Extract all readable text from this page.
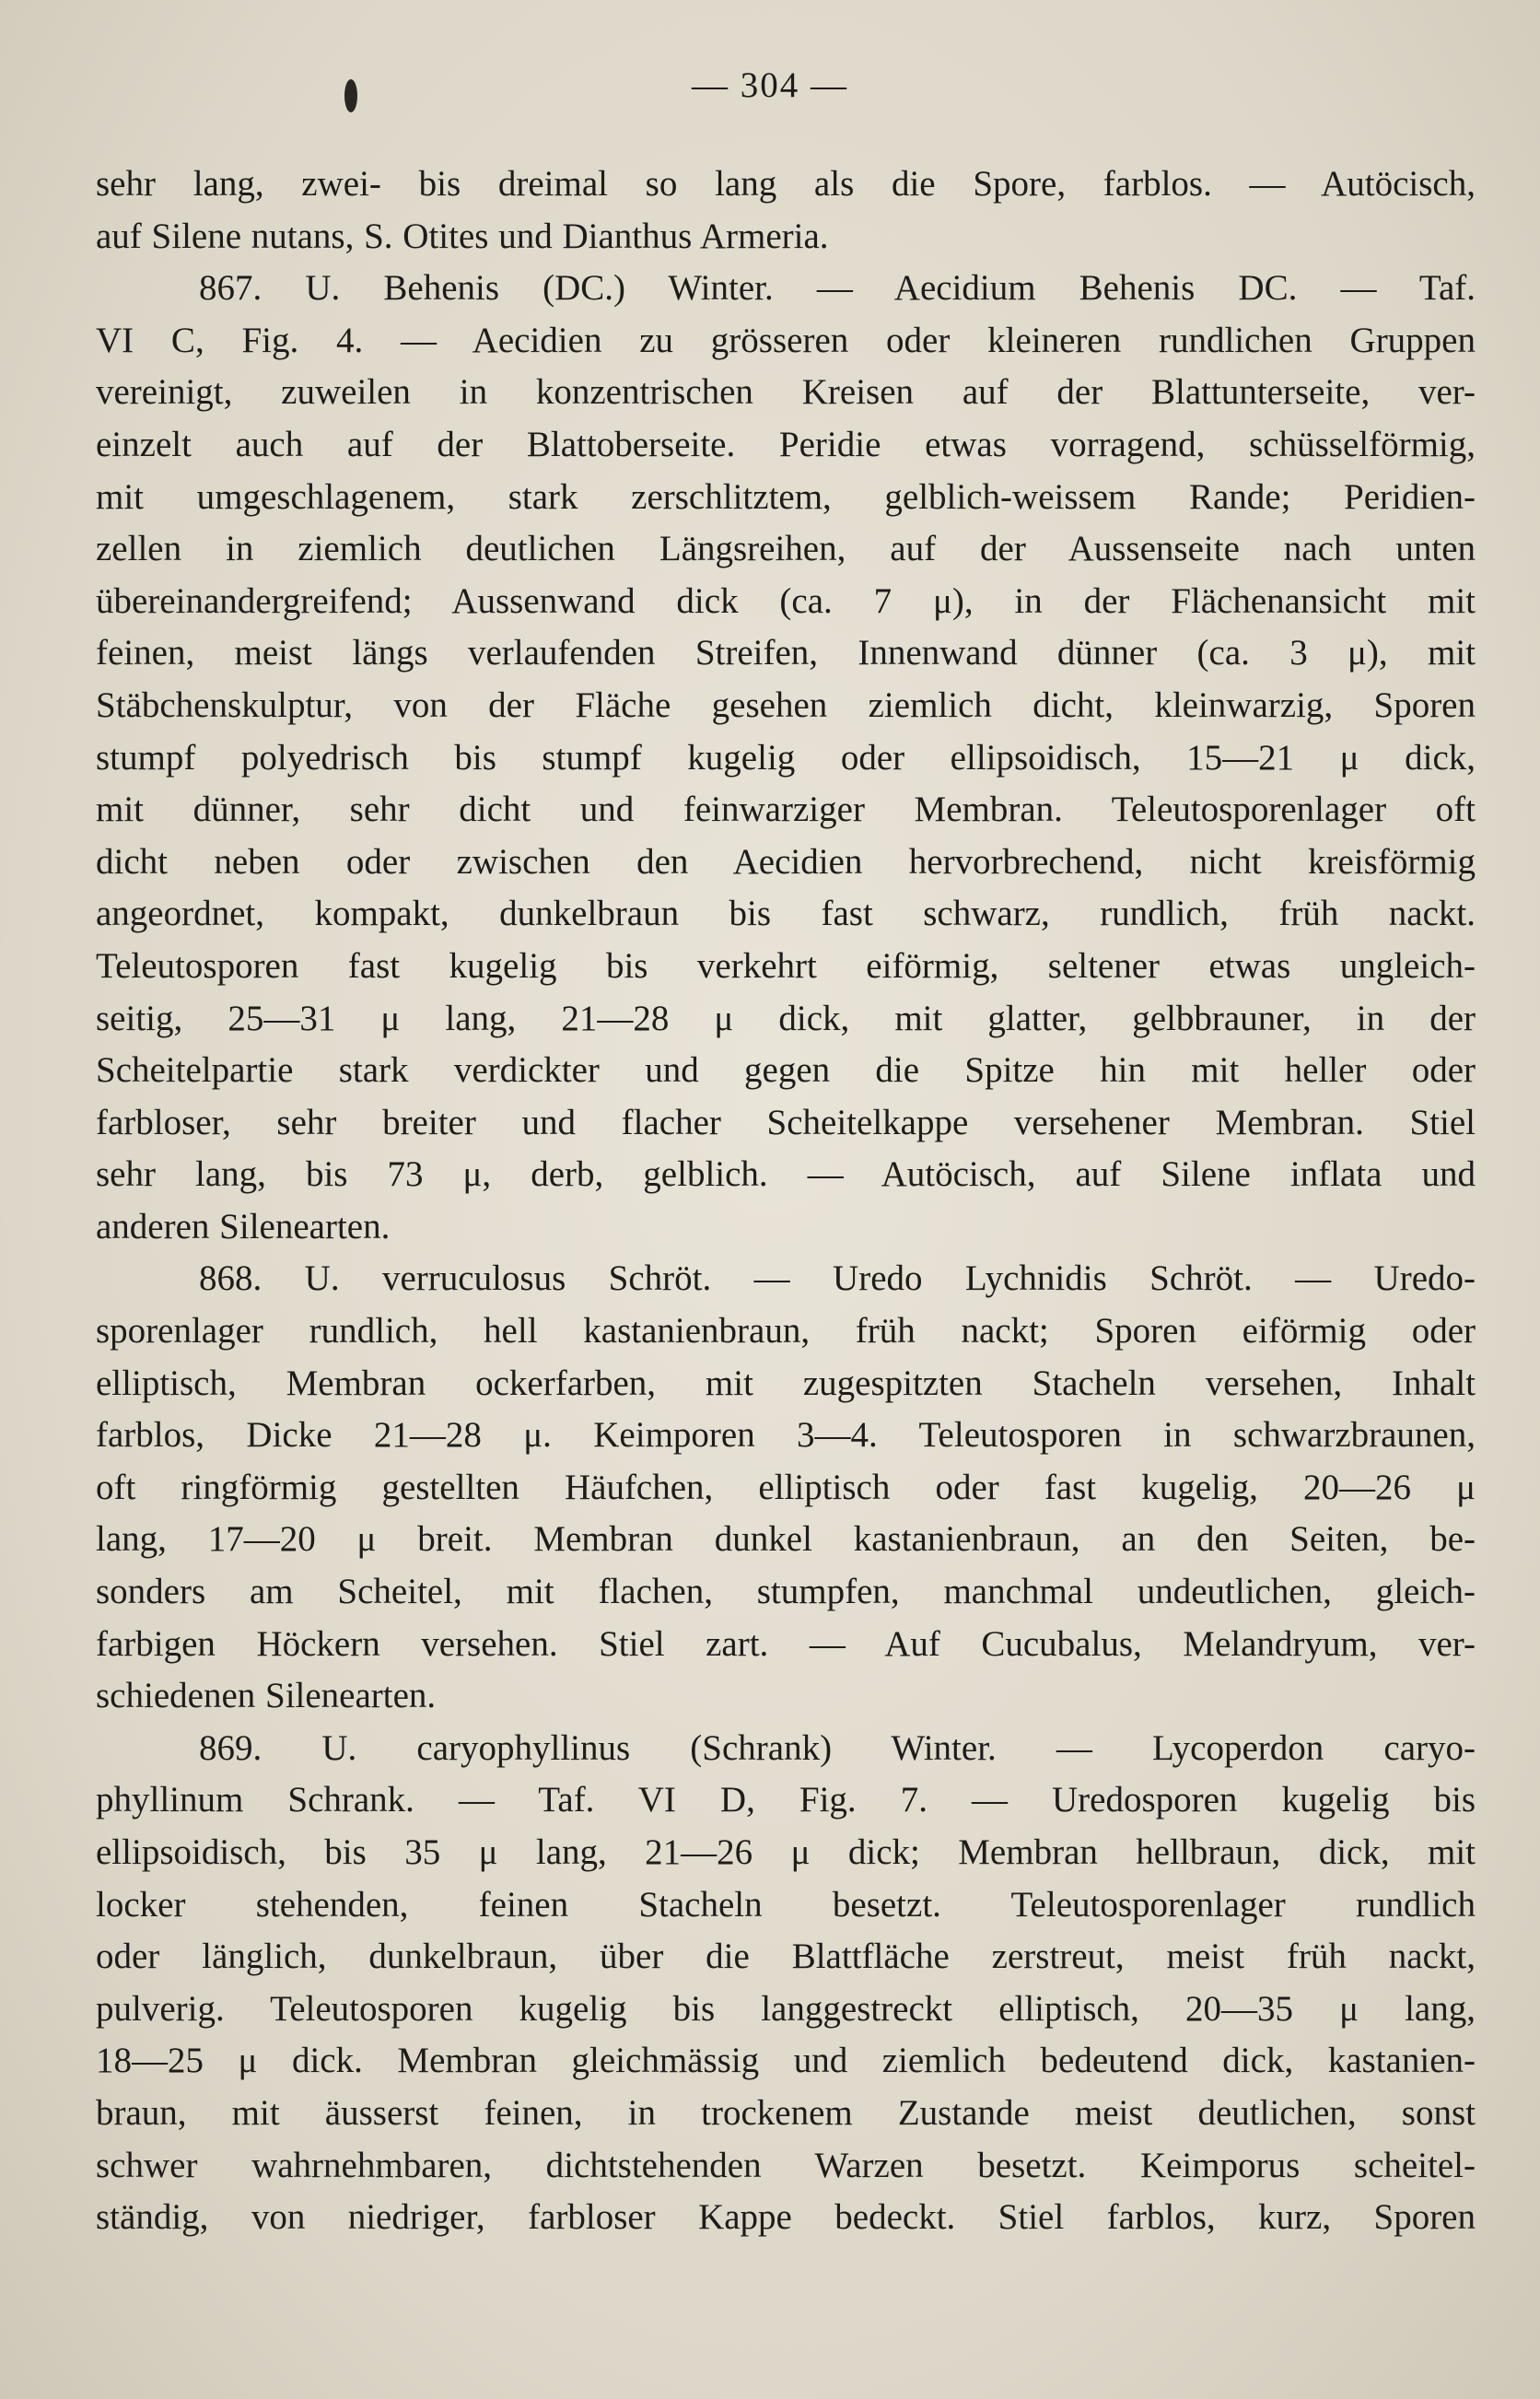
— 304 —
sehr lang, zwei- bis dreimal so lang als die Spore, farblos. — Autöcisch,
auf Silene nutans, S. Otites und Dianthus Armeria.
867. U. Behenis (DC.) Winter. — Aecidium Behenis DC. — Taf.
VI C, Fig. 4. — Aecidien zu grösseren oder kleineren rundlichen Gruppen
vereinigt, zuweilen in konzentrischen Kreisen auf der Blattunterseite, ver-
einzelt auch auf der Blattoberseite. Peridie etwas vorragend, schüsselförmig,
mit umgeschlagenem, stark zerschlitztem, gelblich-weissem Rande; Peridien-
zellen in ziemlich deutlichen Längsreihen, auf der Aussenseite nach unten
übereinandergreifend; Aussenwand dick (ca. 7 μ), in der Flächenansicht mit
feinen, meist längs verlaufenden Streifen, Innenwand dünner (ca. 3 μ), mit
Stäbchenskulptur, von der Fläche gesehen ziemlich dicht, kleinwarzig, Sporen
stumpf polyedrisch bis stumpf kugelig oder ellipsoidisch, 15—21 μ dick,
mit dünner, sehr dicht und feinwarziger Membran. Teleutosporenlager oft
dicht neben oder zwischen den Aecidien hervorbrechend, nicht kreisförmig
angeordnet, kompakt, dunkelbraun bis fast schwarz, rundlich, früh nackt.
Teleutosporen fast kugelig bis verkehrt eiförmig, seltener etwas ungleich-
seitig, 25—31 μ lang, 21—28 μ dick, mit glatter, gelbbrauner, in der
Scheitelpartie stark verdickter und gegen die Spitze hin mit heller oder
farbloser, sehr breiter und flacher Scheitelkappe versehener Membran. Stiel
sehr lang, bis 73 μ, derb, gelblich. — Autöcisch, auf Silene inflata und
anderen Silenearten.
868. U. verruculosus Schröt. — Uredo Lychnidis Schröt. — Uredo-
sporenlager rundlich, hell kastanienbraun, früh nackt; Sporen eiförmig oder
elliptisch, Membran ockerfarben, mit zugespitzten Stacheln versehen, Inhalt
farblos, Dicke 21—28 μ. Keimporen 3—4. Teleutosporen in schwarzbraunen,
oft ringförmig gestellten Häufchen, elliptisch oder fast kugelig, 20—26 μ
lang, 17—20 μ breit. Membran dunkel kastanienbraun, an den Seiten, be-
sonders am Scheitel, mit flachen, stumpfen, manchmal undeutlichen, gleich-
farbigen Höckern versehen. Stiel zart. — Auf Cucubalus, Melandryum, ver-
schiedenen Silenearten.
869. U. caryophyllinus (Schrank) Winter. — Lycoperdon caryo-
phyllinum Schrank. — Taf. VI D, Fig. 7. — Uredosporen kugelig bis
ellipsoidisch, bis 35 μ lang, 21—26 μ dick; Membran hellbraun, dick, mit
locker stehenden, feinen Stacheln besetzt. Teleutosporenlager rundlich
oder länglich, dunkelbraun, über die Blattfläche zerstreut, meist früh nackt,
pulverig. Teleutosporen kugelig bis langgestreckt elliptisch, 20—35 μ lang,
18—25 μ dick. Membran gleichmässig und ziemlich bedeutend dick, kastanien-
braun, mit äusserst feinen, in trockenem Zustande meist deutlichen, sonst
schwer wahrnehmbaren, dichtstehenden Warzen besetzt. Keimporus scheitel-
ständig, von niedriger, farbloser Kappe bedeckt. Stiel farblos, kurz, Sporen
